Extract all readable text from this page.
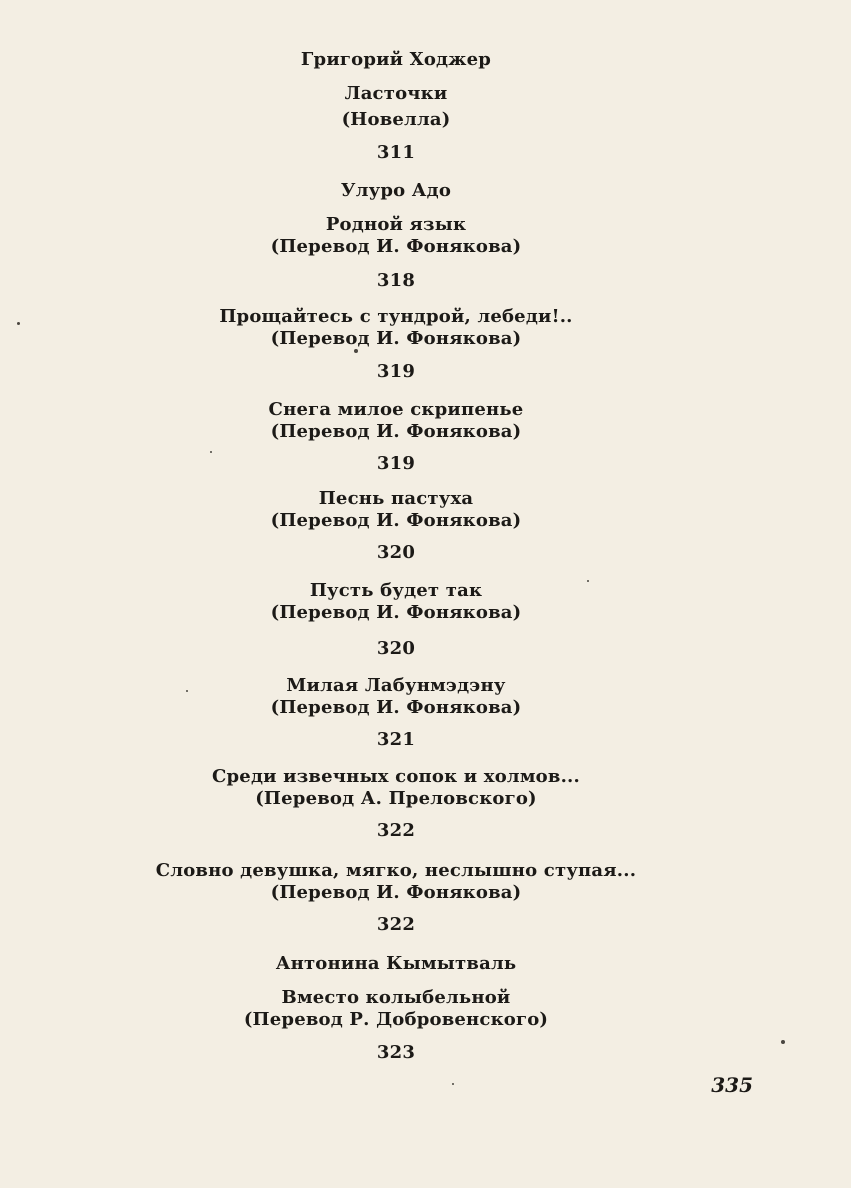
Григорий Ходжер
Ласточки
(Новелла)
311
Улуро Адо
Родной язык
(Перевод И. Фонякова)
318
Прощайтесь с тундрой, лебеди!..
(Перевод И. Фонякова)
319
Снега милое скрипенье
(Перевод И. Фонякова)
319
Песнь пастуха
(Перевод И. Фонякова)
320
Пусть будет так
(Перевод И. Фонякова)
320
Милая Лабунмэдэну
(Перевод И. Фонякова)
321
Среди извечных сопок и холмов...
(Перевод А. Преловского)
322
Словно девушка, мягко, неслышно ступая...
(Перевод И. Фонякова)
322
Антонина Кымытваль
Вместо колыбельной
(Перевод Р. Добровенского)
323
335
